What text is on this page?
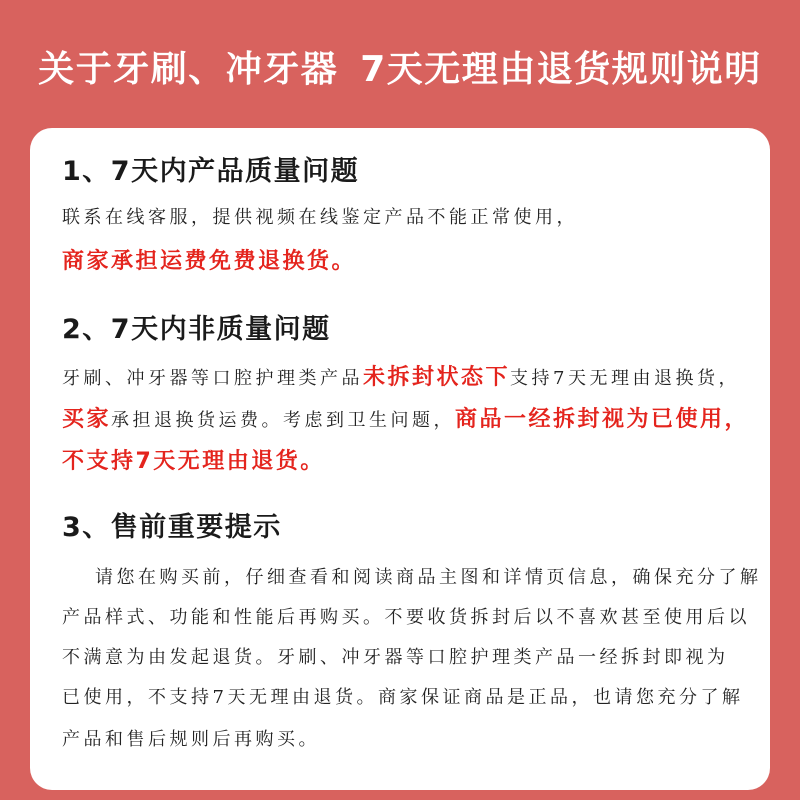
关于牙刷、冲牙器 7天无理由退货规则说明
1、7天内产品质量问题
联系在线客服，提供视频在线鉴定产品不能正常使用，
商家承担运费免费退换货。
2、7天内非质量问题
牙刷、冲牙器等口腔护理类产品未拆封状态下支持7天无理由退换货，
买家承担退换货运费。考虑到卫生问题，商品一经拆封视为已使用，
不支持7天无理由退货。
3、售前重要提示
请您在购买前，仔细查看和阅读商品主图和详情页信息，确保充分了解
产品样式、功能和性能后再购买。不要收货拆封后以不喜欢甚至使用后以
不满意为由发起退货。牙刷、冲牙器等口腔护理类产品一经拆封即视为
已使用，不支持7天无理由退货。商家保证商品是正品，也请您充分了解
产品和售后规则后再购买。
